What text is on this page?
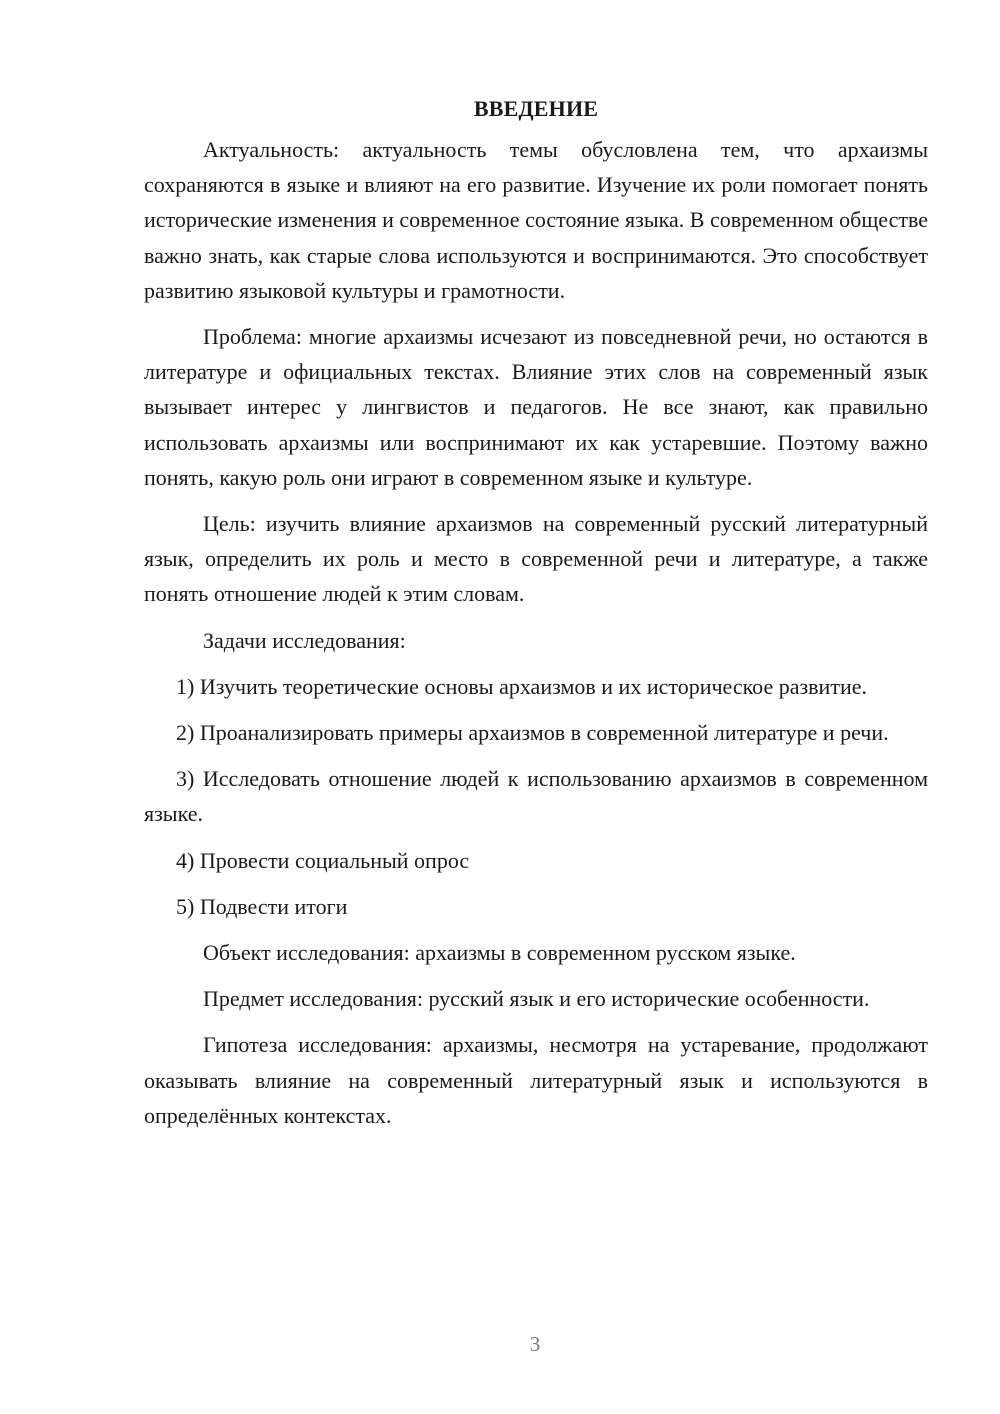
ВВЕДЕНИЕ

Актуальность: актуальность темы обусловлена тем, что архаизмы сохраняются в языке и влияют на его развитие. Изучение их роли помогает понять исторические изменения и современное состояние языка. В современном обществе важно знать, как старые слова используются и воспринимаются. Это способствует развитию языковой культуры и грамотности.

Проблема: многие архаизмы исчезают из повседневной речи, но остаются в литературе и официальных текстах. Влияние этих слов на современный язык вызывает интерес у лингвистов и педагогов. Не все знают, как правильно использовать архаизмы или воспринимают их как устаревшие. Поэтому важно понять, какую роль они играют в современном языке и культуре.

Цель: изучить влияние архаизмов на современный русский литературный язык, определить их роль и место в современной речи и литературе, а также понять отношение людей к этим словам.

Задачи исследования:

1) Изучить теоретические основы архаизмов и их историческое развитие.

2) Проанализировать примеры архаизмов в современной литературе и речи.

3) Исследовать отношение людей к использованию архаизмов в современном языке.

4) Провести социальный опрос

5) Подвести итоги

Объект исследования: архаизмы в современном русском языке.

Предмет исследования: русский язык и его исторические особенности.

Гипотеза исследования: архаизмы, несмотря на устаревание, продолжают оказывать влияние на современный литературный язык и используются в определённых контекстах.

3
